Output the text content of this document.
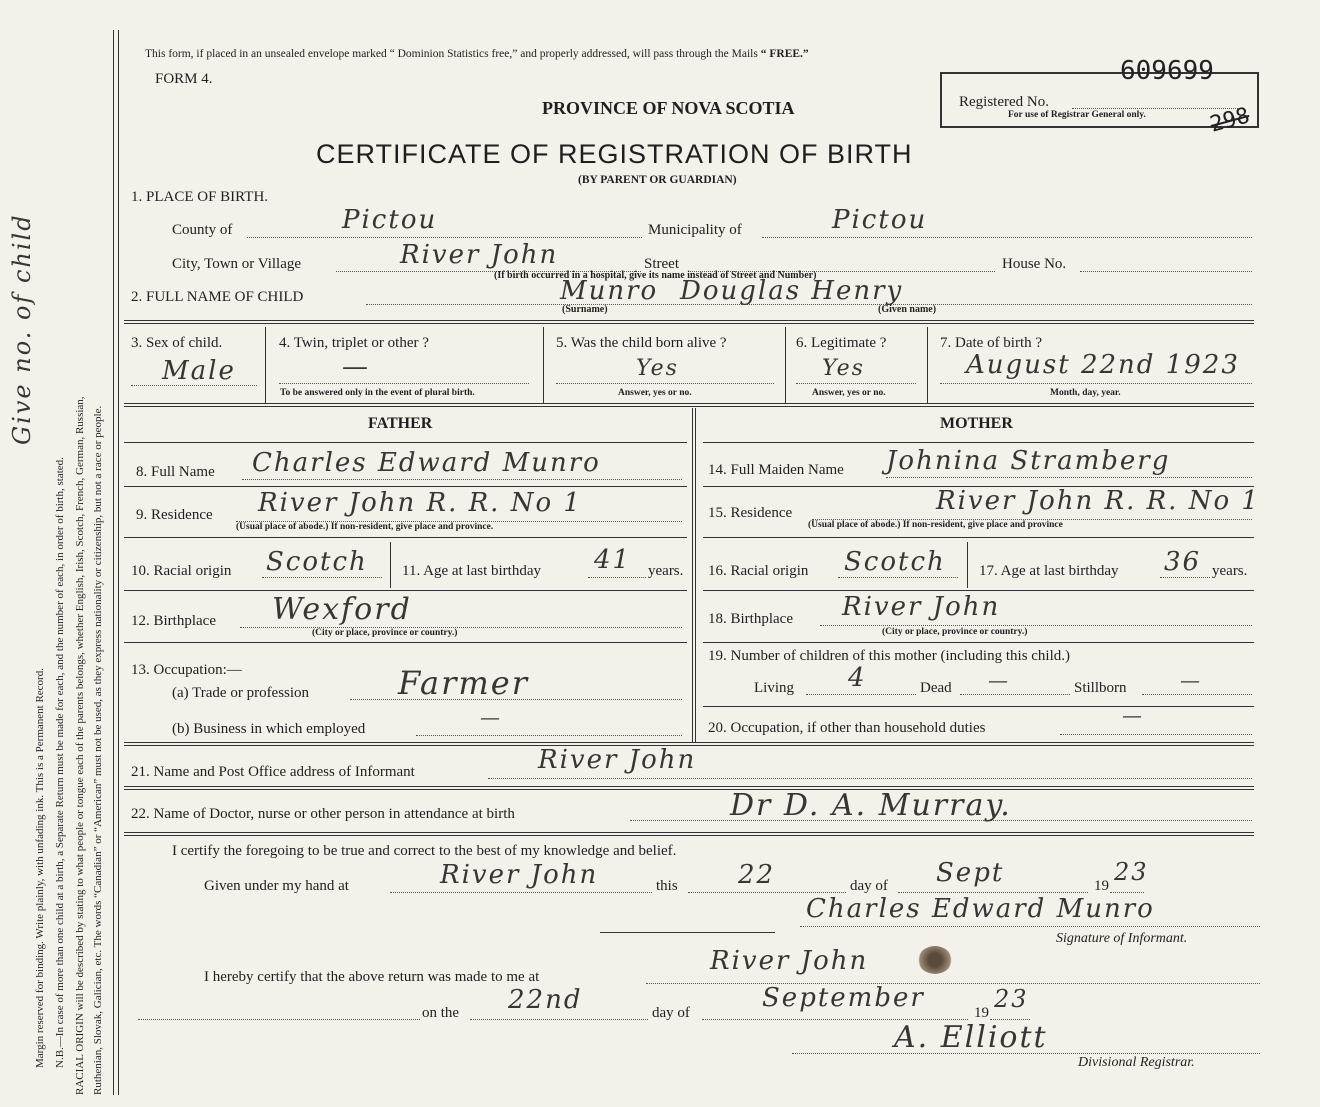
Margin reserved for binding. Write plainly, with unfading ink. This is a Permanent Record. N.B.—In case of more than one child at a birth, a Separate Return must be made for each, and the number of each, in order of birth, stated. RACIAL ORIGIN will be described by stating to what people or tongue each of the parents belongs, whether English, Irish, Scotch, French, German, Russian, Ruthenian, Slovak, Galician, etc. The words “Canadian” or “American” must not be used, as they express nationality or citizenship, but not a race or people.
Give no. of child
This form, if placed in an unsealed envelope marked “ Dominion Statistics free,” and properly addressed, will pass through the Mails “ FREE.”
FORM 4.
PROVINCE OF NOVA SCOTIA
CERTIFICATE OF REGISTRATION OF BIRTH
(BY PARENT OR GUARDIAN)
Registered No.
For use of Registrar General only.
609699
298
1. PLACE OF BIRTH.
County of	Pictou	Municipality of	Pictou
City, Town or Village	River John	Street
(If birth occurred in a hospital, give its name instead of Street and Number)
House No.
2. FULL NAME OF CHILD	Munro Douglas Henry
(Surname)	(Given name)
3. Sex of child.
Male
4. Twin, triplet or other ?
—
To be answered only in the event of plural birth.
5. Was the child born alive ?
Yes
Answer, yes or no.
6. Legitimate ?
Yes
Answer, yes or no.
7. Date of birth ?
August 22nd 1923
Month, day, year.
FATHER
8. Full Name Charles Edward Munro
9. Residence River John R. R. No 1
(Usual place of abode.) If non-resident, give place and province.
10. Racial origin Scotch 11. Age at last birthday 41 years.
12. Birthplace Wexford
(City or place, province or country.)
13. Occupation:—
(a) Trade or profession	Farmer
(b) Business in which employed	—
MOTHER
14. Full Maiden Name Johnina Stramberg
15. Residence	River John R. R. No 1
(Usual place of abode.) If non-resident, give place and province
16. Racial origin Scotch 17. Age at last birthday 36 years.
18. Birthplace River John
(City or place, province or country.)
19. Number of children of this mother (including this child.)
Living 4	Dead —	Stillborn	—
20. Occupation, if other than household duties
—
21. Name and Post Office address of Informant	River John
22. Name of Doctor, nurse or other person in attendance at birth	Dr D. A. Murray.
I certify the foregoing to be true and correct to the best of my knowledge and belief.
Given under my hand at	River John	this 22	day of Sept	19 23
Charles Edward Munro
Signature of Informant.
I hereby certify that the above return was made to me at
River John
on the 22nd	day of	September	19 23
A. Elliott
Divisional Registrar.
